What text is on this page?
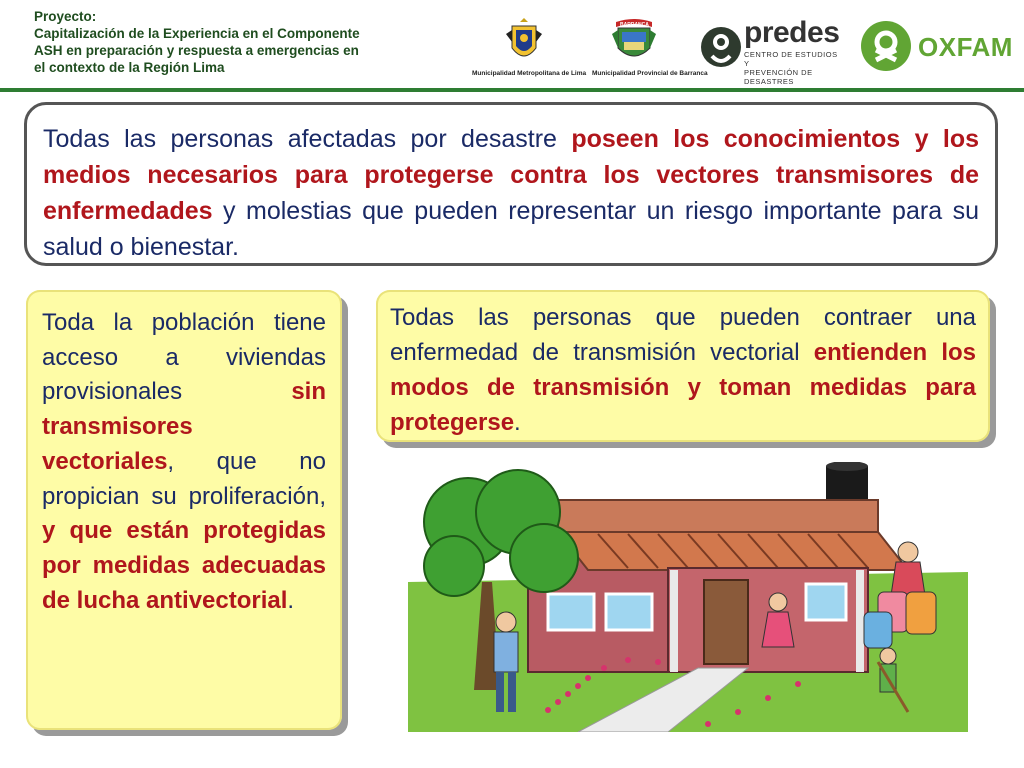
Proyecto:
Capitalización de la Experiencia en el Componente
ASH en preparación y respuesta a emergencias en
el contexto de la Región Lima	Municipalidad Metropolitana de Lima Municipalidad Provincial de Barranca
BARRANCA	predes
CENTRO DE ESTUDIOS Y
PREVENCIÓN DE DESASTRES
OXFAM

Todas las personas afectadas por desastre poseen los conocimientos y los medios necesarios para protegerse contra los vectores transmisores de enfermedades y molestias que pueden representar un riesgo importante para su salud o bienestar.

Toda la población tiene acceso a viviendas provisionales sin transmisores vectoriales, que no propician su proliferación, y que están protegidas por medidas adecuadas de lucha antivectorial.

Todas las personas que pueden contraer una enfermedad de transmisión vectorial entienden los modos de transmisión y toman medidas para protegerse.
